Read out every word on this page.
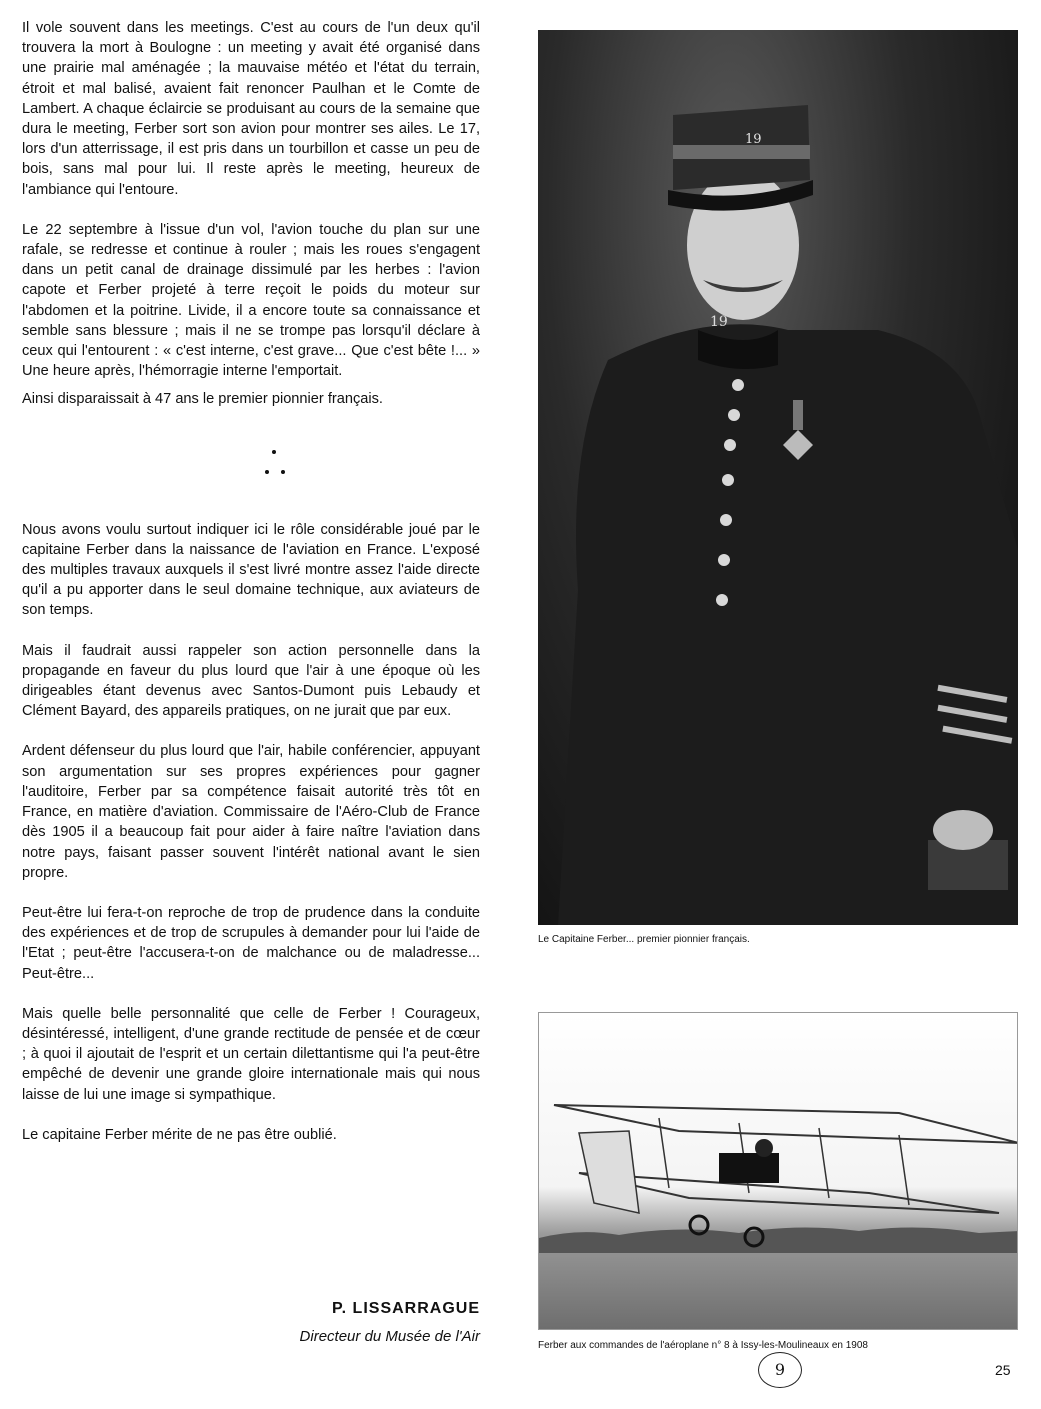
Il vole souvent dans les meetings. C'est au cours de l'un deux qu'il trouvera la mort à Boulogne : un meeting y avait été organisé dans une prairie mal aménagée ; la mauvaise météo et l'état du terrain, étroit et mal balisé, avaient fait renoncer Paulhan et le Comte de Lambert. A chaque éclaircie se produisant au cours de la semaine que dura le meeting, Ferber sort son avion pour montrer ses ailes. Le 17, lors d'un atterrissage, il est pris dans un tourbillon et casse un peu de bois, sans mal pour lui. Il reste après le meeting, heureux de l'ambiance qui l'entoure.

Le 22 septembre à l'issue d'un vol, l'avion touche du plan sur une rafale, se redresse et continue à rouler ; mais les roues s'engagent dans un petit canal de drainage dissimulé par les herbes : l'avion capote et Ferber projeté à terre reçoit le poids du moteur sur l'abdomen et la poitrine. Livide, il a encore toute sa connaissance et semble sans blessure ; mais il ne se trompe pas lorsqu'il déclare à ceux qui l'entourent : « c'est interne, c'est grave... Que c'est bête !... » Une heure après, l'hémorragie interne l'emportait.

Ainsi disparaissait à 47 ans le premier pionnier français.

Nous avons voulu surtout indiquer ici le rôle considérable joué par le capitaine Ferber dans la naissance de l'aviation en France. L'exposé des multiples travaux auxquels il s'est livré montre assez l'aide directe qu'il a pu apporter dans le seul domaine technique, aux aviateurs de son temps.

Mais il faudrait aussi rappeler son action personnelle dans la propagande en faveur du plus lourd que l'air à une époque où les dirigeables étant devenus avec Santos-Dumont puis Lebaudy et Clément Bayard, des appareils pratiques, on ne jurait que par eux.

Ardent défenseur du plus lourd que l'air, habile conférencier, appuyant son argumentation sur ses propres expériences pour gagner l'auditoire, Ferber par sa compétence faisait autorité très tôt en France, en matière d'aviation. Commissaire de l'Aéro-Club de France dès 1905 il a beaucoup fait pour aider à faire naître l'aviation dans notre pays, faisant passer souvent l'intérêt national avant le sien propre.

Peut-être lui fera-t-on reproche de trop de prudence dans la conduite des expériences et de trop de scrupules à demander pour lui l'aide de l'Etat ; peut-être l'accusera-t-on de malchance ou de maladresse... Peut-être...

Mais quelle belle personnalité que celle de Ferber ! Courageux, désintéressé, intelligent, d'une grande rectitude de pensée et de cœur ; à quoi il ajoutait de l'esprit et un certain dilettantisme qui l'a peut-être empêché de devenir une grande gloire internationale mais qui nous laisse de lui une image si sympathique.

Le capitaine Ferber mérite de ne pas être oublié.

P. LISSARRAGUE
Directeur du Musée de l'Air
19
19
Le Capitaine Ferber... premier pionnier français.
Ferber aux commandes de l'aéroplane n° 8 à Issy-les-Moulineaux en 1908
9	25
